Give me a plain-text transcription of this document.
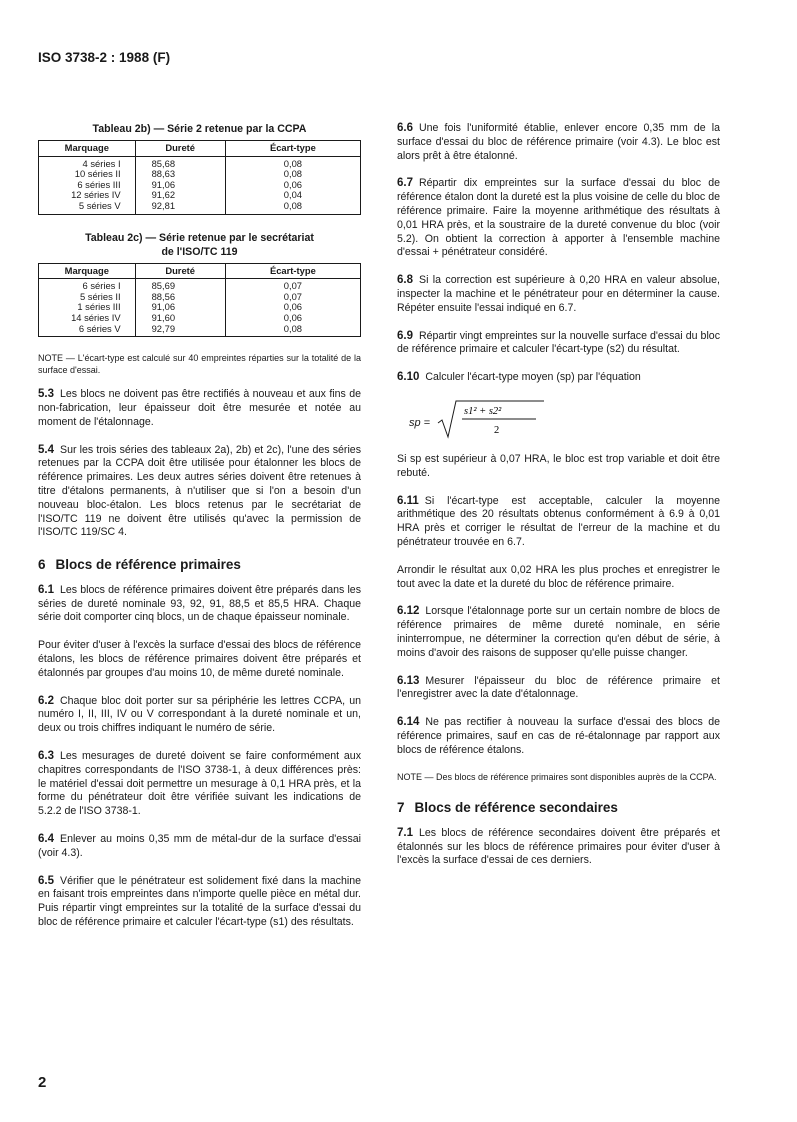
ISO 3738-2 : 1988 (F)
Tableau 2b) — Série 2 retenue par la CCPA
Marquage	Dureté	Écart-type
4 séries I	85,68	0,08
10 séries II	88,63	0,08
6 séries III	91,06	0,06
12 séries IV	91,62	0,04
5 séries V	92,81	0,08
Tableau 2c) — Série retenue par le secrétariat
de l'ISO/TC 119
Marquage	Dureté	Écart-type
6 séries I	85,69	0,07
5 séries II	88,56	0,07
1 séries III	91,06	0,06
14 séries IV	91,60	0,06
6 séries V	92,79	0,08

NOTE — L'écart-type est calculé sur 40 empreintes réparties sur la totalité de la surface d'essai.

5.3 Les blocs ne doivent pas être rectifiés à nouveau et aux fins de non-fabrication, leur épaisseur doit être mesurée et notée au moment de l'étalonnage.

5.4 Sur les trois séries des tableaux 2a), 2b) et 2c), l'une des séries retenues par la CCPA doit être utilisée pour étalonner les blocs de référence primaires. Les deux autres séries doivent être retenues à titre d'étalons permanents, à n'utiliser que si l'on a besoin d'un nouveau bloc-étalon. Les blocs retenus par le secrétariat de l'ISO/TC 119 ne doivent être utilisés qu'avec la permission de l'ISO/TC 119/SC 4.

6 Blocs de référence primaires

6.1 Les blocs de référence primaires doivent être préparés dans les séries de dureté nominale 93, 92, 91, 88,5 et 85,5 HRA. Chaque série doit comporter cinq blocs, un de chaque épaisseur nominale.

Pour éviter d'user à l'excès la surface d'essai des blocs de référence étalons, les blocs de référence primaires doivent être préparés et étalonnés par groupes d'au moins 10, de même dureté nominale.

6.2 Chaque bloc doit porter sur sa périphérie les lettres CCPA, un numéro I, II, III, IV ou V correspondant à la dureté nominale et un, deux ou trois chiffres indiquant le numéro de série.

6.3 Les mesurages de dureté doivent se faire conformément aux chapitres correspondants de l'ISO 3738-1, à deux différences près: le matériel d'essai doit permettre un mesurage à 0,1 HRA près, et la forme du pénétrateur doit être vérifiée suivant les indications de 5.2.2 de l'ISO 3738-1.

6.4 Enlever au moins 0,35 mm de métal-dur de la surface d'essai (voir 4.3).

6.5 Vérifier que le pénétrateur est solidement fixé dans la machine en faisant trois empreintes dans n'importe quelle pièce en métal dur. Puis répartir vingt empreintes sur la totalité de la surface d'essai du bloc de référence primaire et calculer l'écart-type (s1) des résultats.

6.6 Une fois l'uniformité établie, enlever encore 0,35 mm de la surface d'essai du bloc de référence primaire (voir 4.3). Le bloc est alors prêt à être étalonné.

6.7 Répartir dix empreintes sur la surface d'essai du bloc de référence étalon dont la dureté est la plus voisine de celle du bloc de référence primaire. Faire la moyenne arithmétique des résultats à 0,01 HRA près, et la soustraire de la dureté convenue du bloc (voir 5.2). On obtient la correction à apporter à l'ensemble machine d'essai + pénétrateur considéré.

6.8 Si la correction est supérieure à 0,20 HRA en valeur absolue, inspecter la machine et le pénétrateur pour en déterminer la cause. Répéter ensuite l'essai indiqué en 6.7.

6.9 Répartir vingt empreintes sur la nouvelle surface d'essai du bloc de référence primaire et calculer l'écart-type (s2) du résultat.

6.10 Calculer l'écart-type moyen (sp) par l'équation

sp =
s1² + s2²
2

Si sp est supérieur à 0,07 HRA, le bloc est trop variable et doit être rebuté.

6.11 Si l'écart-type est acceptable, calculer la moyenne arithmétique des 20 résultats obtenus conformément à 6.9 à 0,01 HRA près et corriger le résultat de l'erreur de la machine et du pénétrateur trouvée en 6.7.

Arrondir le résultat aux 0,02 HRA les plus proches et enregistrer le tout avec la date et la dureté du bloc de référence primaire.

6.12 Lorsque l'étalonnage porte sur un certain nombre de blocs de référence primaires de même dureté nominale, en série ininterrompue, ne déterminer la correction qu'en début de série, à moins d'avoir des raisons de supposer qu'elle puisse changer.

6.13 Mesurer l'épaisseur du bloc de référence primaire et l'enregistrer avec la date d'étalonnage.

6.14 Ne pas rectifier à nouveau la surface d'essai des blocs de référence primaires, sauf en cas de ré-étalonnage par rapport aux blocs de référence étalons.

NOTE — Des blocs de référence primaires sont disponibles auprès de la CCPA.

7 Blocs de référence secondaires

7.1 Les blocs de référence secondaires doivent être préparés et étalonnés sur les blocs de référence primaires pour éviter d'user à l'excès la surface d'essai de ces derniers.

2
